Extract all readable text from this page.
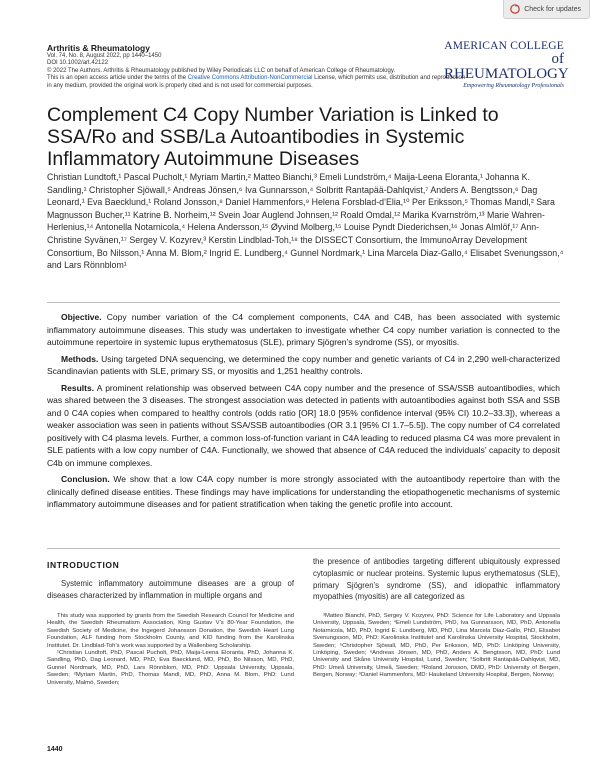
Check for updates
Arthritis & Rheumatology
Vol. 74, No. 8, August 2022, pp 1440–1450
DOI 10.1002/art.42122
© 2022 The Authors. Arthritis & Rheumatology published by Wiley Periodicals LLC on behalf of American College of Rheumatology.
This is an open access article under the terms of the Creative Commons Attribution-NonCommercial License, which permits use, distribution and reproduction in any medium, provided the original work is properly cited and is not used for commercial purposes.
AMERICAN COLLEGE
of RHEUMATOLOGY
Empowering Rheumatology Professionals
Complement C4 Copy Number Variation is Linked to SSA/Ro and SSB/La Autoantibodies in Systemic Inflammatory Autoimmune Diseases
Christian Lundtoft,¹ Pascal Pucholt,¹ Myriam Martin,² Matteo Bianchi,³ Emeli Lundström,⁴ Maija-Leena Eloranta,¹ Johanna K. Sandling,¹ Christopher Sjöwall,⁵ Andreas Jönsen,⁶ Iva Gunnarsson,⁴ Solbritt Rantapää-Dahlqvist,⁷ Anders A. Bengtsson,⁶ Dag Leonard,¹ Eva Baecklund,¹ Roland Jonsson,⁸ Daniel Hammenfors,⁹ Helena Forsblad-d’Elia,¹⁰ Per Eriksson,⁵ Thomas Mandl,² Sara Magnusson Bucher,¹¹ Katrine B. Norheim,¹² Svein Joar Auglend Johnsen,¹² Roald Omdal,¹² Marika Kvarnström,¹³ Marie Wahren-Herlenius,¹⁴ Antonella Notarnicola,⁴ Helena Andersson,¹⁵ Øyvind Molberg,¹⁵ Louise Pyndt Diederichsen,¹⁶ Jonas Almlöf,¹⁷ Ann-Christine Syvänen,¹⁷ Sergey V. Kozyrev,³ Kerstin Lindblad-Toh,¹⁸ the DISSECT Consortium, the ImmunoArray Development Consortium, Bo Nilsson,¹ Anna M. Blom,² Ingrid E. Lundberg,⁴ Gunnel Nordmark,¹ Lina Marcela Diaz-Gallo,⁴ Elisabet Svenungsson,⁴ and Lars Rönnblom¹

Objective. Copy number variation of the C4 complement components, C4A and C4B, has been associated with systemic inflammatory autoimmune diseases. This study was undertaken to investigate whether C4 copy number variation is connected to the autoimmune repertoire in systemic lupus erythematosus (SLE), primary Sjögren’s syndrome (SS), or myositis.

Methods. Using targeted DNA sequencing, we determined the copy number and genetic variants of C4 in 2,290 well-characterized Scandinavian patients with SLE, primary SS, or myositis and 1,251 healthy controls.

Results. A prominent relationship was observed between C4A copy number and the presence of SSA/SSB autoantibodies, which was shared between the 3 diseases. The strongest association was detected in patients with autoantibodies against both SSA and SSB and 0 C4A copies when compared to healthy controls (odds ratio [OR] 18.0 [95% confidence interval (95% CI) 10.2–33.3]), whereas a weaker association was seen in patients without SSA/SSB autoantibodies (OR 3.1 [95% CI 1.7–5.5]). The copy number of C4 correlated positively with C4 plasma levels. Further, a common loss-of-function variant in C4A leading to reduced plasma C4 was more prevalent in SLE patients with a low copy number of C4A. Functionally, we showed that absence of C4A reduced the individuals’ capacity to deposit C4b on immune complexes.

Conclusion. We show that a low C4A copy number is more strongly associated with the autoantibody repertoire than with the clinically defined disease entities. These findings may have implications for understanding the etiopathogenetic mechanisms of systemic inflammatory autoimmune diseases and for patient stratification when taking the genetic profile into account.

INTRODUCTION
Systemic inflammatory autoimmune diseases are a group of diseases characterized by inflammation in multiple organs and
the presence of antibodies targeting different ubiquitously expressed cytoplasmic or nuclear proteins. Systemic lupus erythematosus (SLE), primary Sjögren’s syndrome (SS), and idiopathic inflammatory myopathies (myositis) are all categorized as

This study was supported by grants from the Swedish Research Council for Medicine and Health, the Swedish Rheumatism Association, King Gustav V’s 80-Year Foundation, the Swedish Society of Medicine, the Ingegerd Johansson Donation, the Swedish Heart Lung Foundation, ALF funding from Stockholm County, and KID funding from the Karolinska Institutet. Dr. Lindblad-Toh’s work was supported by a Wallenberg Scholarship.

¹Christian Lundtoft, PhD, Pascal Pucholt, PhD, Maija-Leena Eloranta, PhD, Johanna K. Sandling, PhD, Dag Leonard, MD, PhD, Eva Baecklund, MD, PhD, Bo Nilsson, MD, PhD, Gunnel Nordmark, MD, PhD, Lars Rönnblom, MD, PhD: Uppsala University, Uppsala, Sweden; ²Myriam Martin, PhD, Thomas Mandl, MD, PhD, Anna M. Blom, PhD: Lund University, Malmö, Sweden;

³Matteo Bianchi, PhD, Sergey V. Kozyrev, PhD: Science for Life Laboratory and Uppsala University, Uppsala, Sweden; ⁴Emeli Lundström, PhD, Iva Gunnarsson, MD, PhD, Antonella Notarnicola, MD, PhD, Ingrid E. Lundberg, MD, PhD, Lina Marcela Diaz-Gallo, PhD, Elisabet Svenungsson, MD, PhD: Karolinska Institutet and Karolinska University Hospital, Stockholm, Sweden; ⁵Christopher Sjöwall, MD, PhD, Per Eriksson, MD, PhD: Linköping University, Linköping, Sweden; ⁶Andreas Jönsen, MD, PhD, Anders A. Bengtsson, MD, PhD: Lund University and Skåne University Hospital, Lund, Sweden; ⁷Solbritt Rantapää-Dahlqvist, MD, PhD: Umeå University, Umeå, Sweden; ⁸Roland Jonsson, DMD, PhD: University of Bergen, Bergen, Norway; ⁹Daniel Hammenfors, MD: Haukeland University Hospital, Bergen, Norway;

1440
